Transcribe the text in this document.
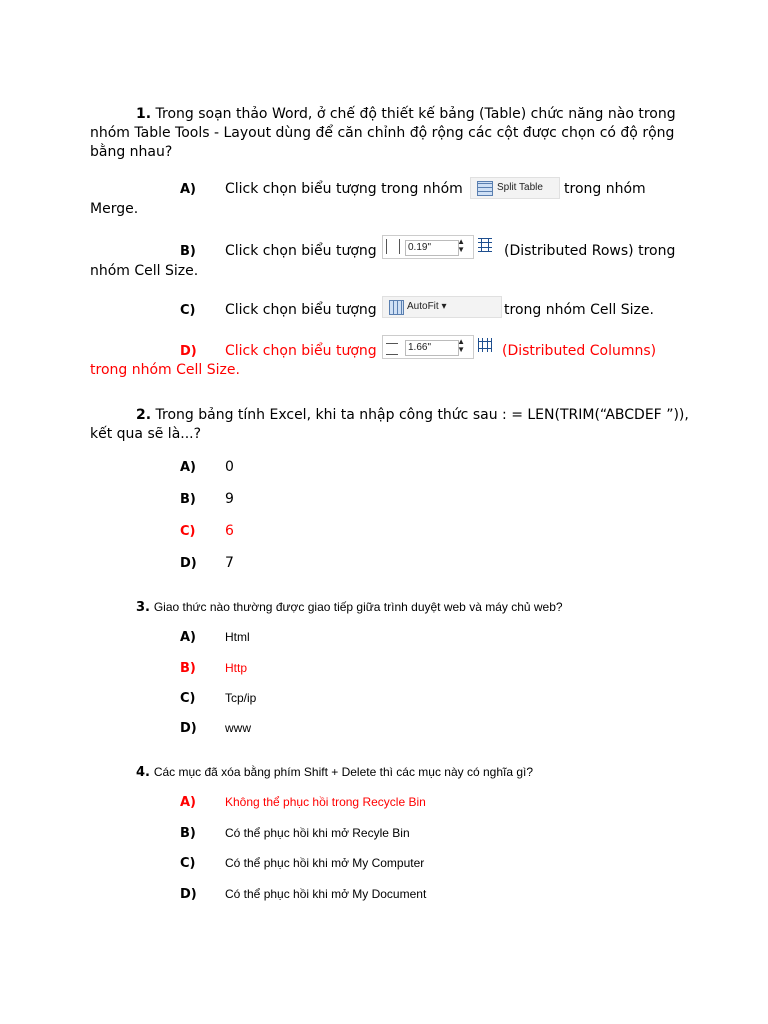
1. Trong soạn thảo Word, ở chế độ thiết kế bảng (Table) chức năng nào trong nhóm Table Tools - Layout dùng để căn chỉnh độ rộng các cột được chọn có độ rộng bằng nhau?
A) Click chọn biểu tượng trong nhóm	Split Table trong nhóm
Merge.
B) Click chọn biểu tượng	0.19"
▲
▼	(Distributed Rows) trong
nhóm Cell Size.
C) Click chọn biểu tượng	AutoFit ▾	trong nhóm Cell Size.
D) Click chọn biểu tượng	1.66"
▲
▼	(Distributed Columns)
trong nhóm Cell Size.
2. Trong bảng tính Excel, khi ta nhập công thức sau : = LEN(TRIM(“ABCDEF ”)), kết qua sẽ là...?
A) 0
B) 9
C) 6
D) 7
3. Giao thức nào thường được giao tiếp giữa trình duyệt web và máy chủ web?
A) Html
B) Http
C) Tcp/ip
D) www
4. Các mục đã xóa bằng phím Shift + Delete thì các mục này có nghĩa gì?
A) Không thể phục hồi trong Recycle Bin
B) Có thể phục hồi khi mở Recyle Bin
C) Có thể phục hồi khi mở My Computer
D) Có thể phục hồi khi mở My Document
